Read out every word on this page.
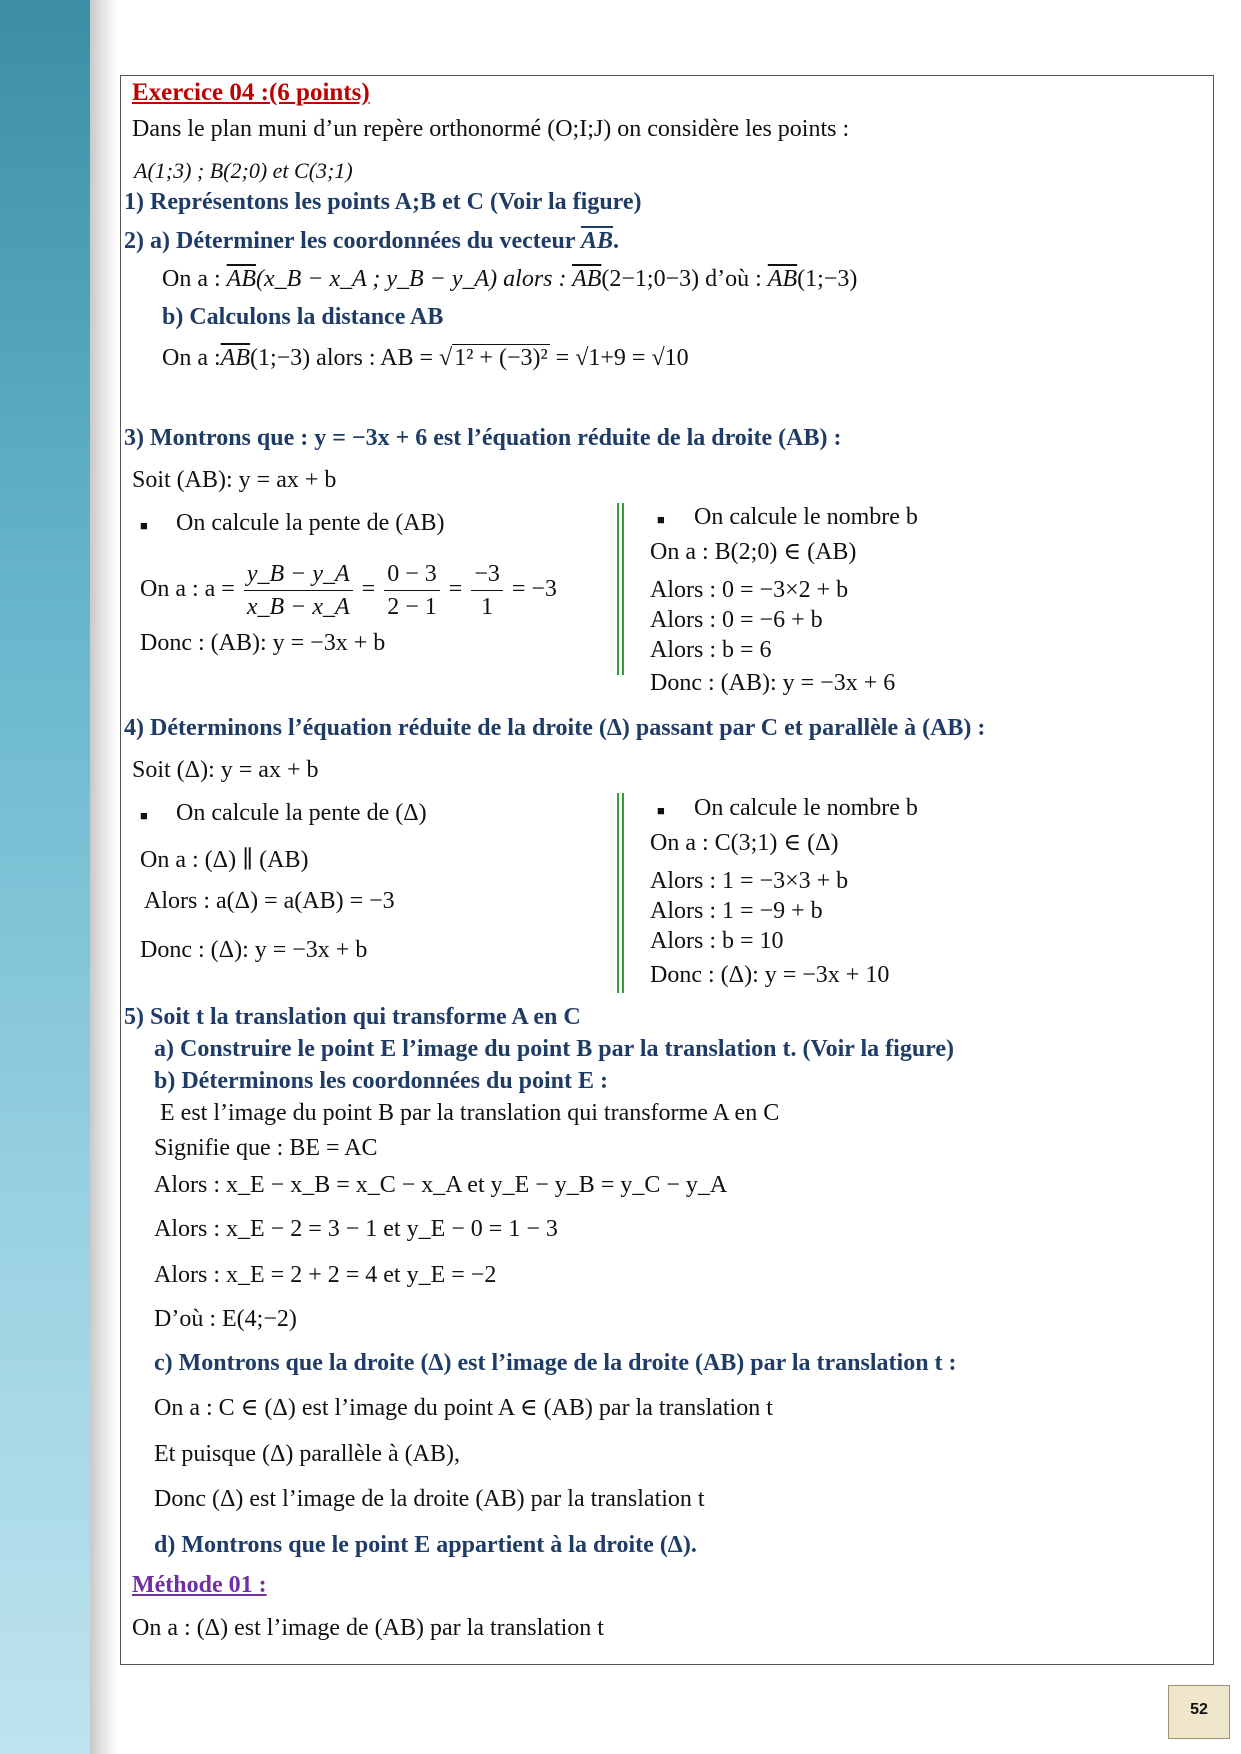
Exercice 04 :(6 points)
Dans le plan muni d’un repère orthonormé (O;I;J) on considère les points :
A(1;3) ; B(2;0) et C(3;1)
1) Représentons les points A;B et C (Voir la figure)
2) a) Déterminer les coordonnées du vecteur $\overline{AB}$.
On a : $\overline{AB}(x\_B$ − x_A ; y_B − y_A) alors : $\overline{AB}(2-1;0-3)$ d’où : $\overline{AB}(1;-3)$
b) Calculons la distance AB
On a $:\overline{AB}(1;-3)$ alors : AB = √1² + (−3)² = √1+9 = √10
3) Montrons que : y = −3x + 6 est l’équation réduite de la droite (AB) :
Soit (AB): y = ax + b
■ On calcule la pente de (AB)
On a : $a = \frac{y\_B - y\_A}{x\_B - x\_A} = \frac{0 - 3}{2 - 1} = \frac{-3}{1} = -3$
Donc : (AB): y = −3x + b
■ On calcule le nombre b
On a : B(2;0) ∈ (AB)
Alors : 0 = −3×2 + b
Alors : 0 = −6 + b
Alors : b = 6
Donc : (AB): y = −3x + 6
4) Déterminons l’équation réduite de la droite (Δ) passant par C et parallèle à (AB) :
Soit (Δ): y = ax + b
■ On calcule la pente de (Δ)
On a : (Δ) ∥ (AB)
Alors : a(Δ) = a(AB) = −3
Donc : (Δ): y = −3x + b
■ On calcule le nombre b
On a : C(3;1) ∈ (Δ)
Alors : 1 = −3×3 + b
Alors : 1 = −9 + b
Alors : b = 10
Donc : (Δ): y = −3x + 10
5) Soit t la translation qui transforme A en C
a) Construire le point E l’image du point B par la translation t. (Voir la figure)
b) Déterminons les coordonnées du point E :
E est l’image du point B par la translation qui transforme A en C
Signifie que : BE = AC
Alors : x_E − x_B = x_C − x_A et y_E − y_B = y_C − y_A
Alors : x_E − 2 = 3 − 1 et y_E − 0 = 1 − 3
Alors : x_E = 2 + 2 = 4 et y_E = −2
D’où : E(4;−2)
c) Montrons que la droite (Δ) est l’image de la droite (AB) par la translation t :
On a : C ∈ (Δ) est l’image du point A ∈ (AB) par la translation t
Et puisque (Δ) parallèle à (AB),
Donc (Δ) est l’image de la droite (AB) par la translation t
d) Montrons que le point E appartient à la droite (Δ).
Méthode 01 :
On a : (Δ) est l’image de (AB) par la translation t
52
